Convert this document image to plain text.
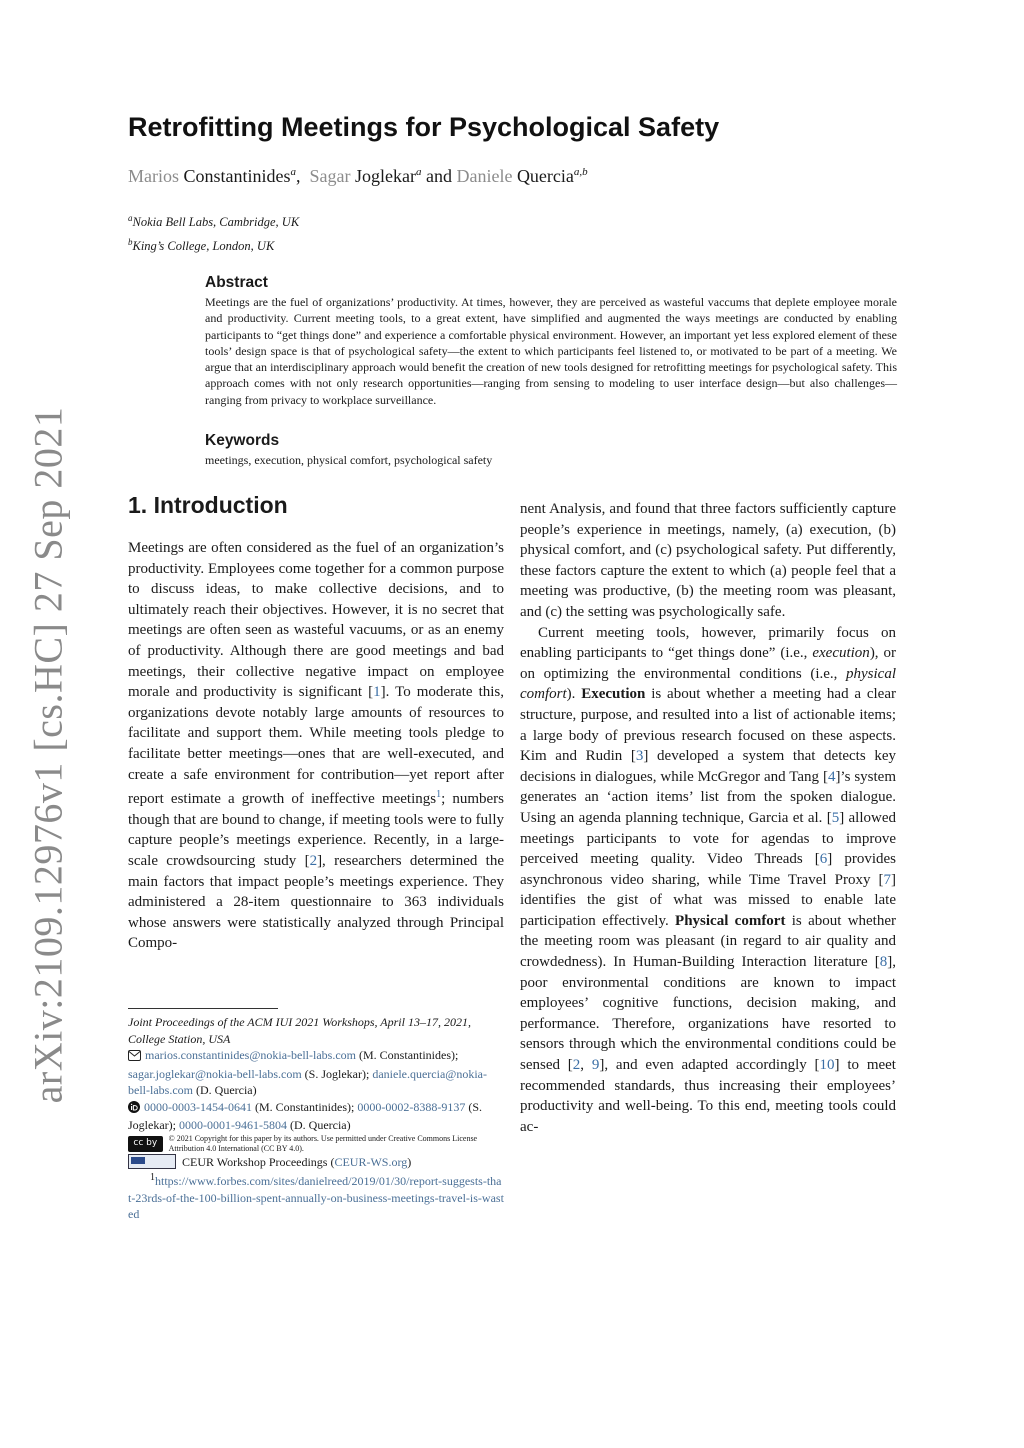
arXiv:2109.12976v1 [cs.HC] 27 Sep 2021
Retrofitting Meetings for Psychological Safety
Marios Constantinides$^a$, Sagar Joglekar$^a$ and Daniele Quercia$^{a,b}$
$^a$Nokia Bell Labs, Cambridge, UK
$^b$King’s College, London, UK
Abstract

Meetings are the fuel of organizations’ productivity. At times, however, they are perceived as wasteful vaccums that deplete employee morale and productivity. Current meeting tools, to a great extent, have simplified and augmented the ways meetings are conducted by enabling participants to “get things done” and experience a comfortable physical environment. However, an important yet less explored element of these tools’ design space is that of psychological safety—the extent to which participants feel listened to, or motivated to be part of a meeting. We argue that an interdisciplinary approach would benefit the creation of new tools designed for retrofitting meetings for psychological safety. This approach comes with not only research opportunities—ranging from sensing to modeling to user interface design—but also challenges—ranging from privacy to workplace surveillance.

Keywords

meetings, execution, physical comfort, psychological safety

1. Introduction

Meetings are often considered as the fuel of an organization’s productivity. Employees come together for a common purpose to discuss ideas, to make collective decisions, and to ultimately reach their objectives. However, it is no secret that meetings are often seen as wasteful vacuums, or as an enemy of productivity. Although there are good meetings and bad meetings, their collective negative impact on employee morale and productivity is significant [1]. To moderate this, organizations devote notably large amounts of resources to facilitate and support them. While meeting tools pledge to facilitate better meetings—ones that are well-executed, and create a safe environment for contribution—yet report after report estimate a growth of ineffective meetings$^1$; numbers though that are bound to change, if meeting tools were to fully capture people’s meetings experience. Recently, in a large-scale crowdsourcing study [2], researchers determined the main factors that impact people’s meetings experience. They administered a 28-item questionnaire to 363 individuals whose answers were statistically analyzed through Principal Compo-

nent Analysis, and found that three factors sufficiently capture people’s experience in meetings, namely, (a) execution, (b) physical comfort, and (c) psychological safety. Put differently, these factors capture the extent to which (a) people feel that a meeting was productive, (b) the meeting room was pleasant, and (c) the setting was psychologically safe.

Current meeting tools, however, primarily focus on enabling participants to “get things done” (i.e., execution), or on optimizing the environmental conditions (i.e., physical comfort). Execution is about whether a meeting had a clear structure, purpose, and resulted into a list of actionable items; a large body of previous research focused on these aspects. Kim and Rudin [3] developed a system that detects key decisions in dialogues, while McGregor and Tang [4]’s system generates an ‘action items’ list from the spoken dialogue. Using an agenda planning technique, Garcia et al. [5] allowed meetings participants to vote for agendas to improve perceived meeting quality. Video Threads [6] provides asynchronous video sharing, while Time Travel Proxy [7] identifies the gist of what was missed to enable late participation effectively. Physical comfort is about whether the meeting room was pleasant (in regard to air quality and crowdedness). In Human-Building Interaction literature [8], poor environmental conditions are known to impact employees’ cognitive functions, decision making, and performance. Therefore, organizations have resorted to sensors through which the environmental conditions could be sensed [2, 9], and even adapted accordingly [10] to meet recommended standards, thus increasing their employees’ productivity and well-being. To this end, meeting tools could ac-

Joint Proceedings of the ACM IUI 2021 Workshops, April 13–17, 2021, College Station, USA
marios.constantinides@nokia-bell-labs.com (M. Constantinides); sagar.joglekar@nokia-bell-labs.com (S. Joglekar); daniele.quercia@nokia-bell-labs.com (D. Quercia)
0000-0003-1454-0641 (M. Constantinides); 0000-0002-8388-9137 (S. Joglekar); 0000-0001-9461-5804 (D. Quercia)
cc by
© 2021 Copyright for this paper by its authors. Use permitted under Creative Commons License Attribution 4.0 International (CC BY 4.0).
CEUR Workshop Proceedings (CEUR-WS.org)
$^1$https://www.forbes.com/sites/danielreed/2019/01/30/report-suggests-that-23rds-of-the-100-billion-spent-annually-on-business-meetings-travel-is-wasted
